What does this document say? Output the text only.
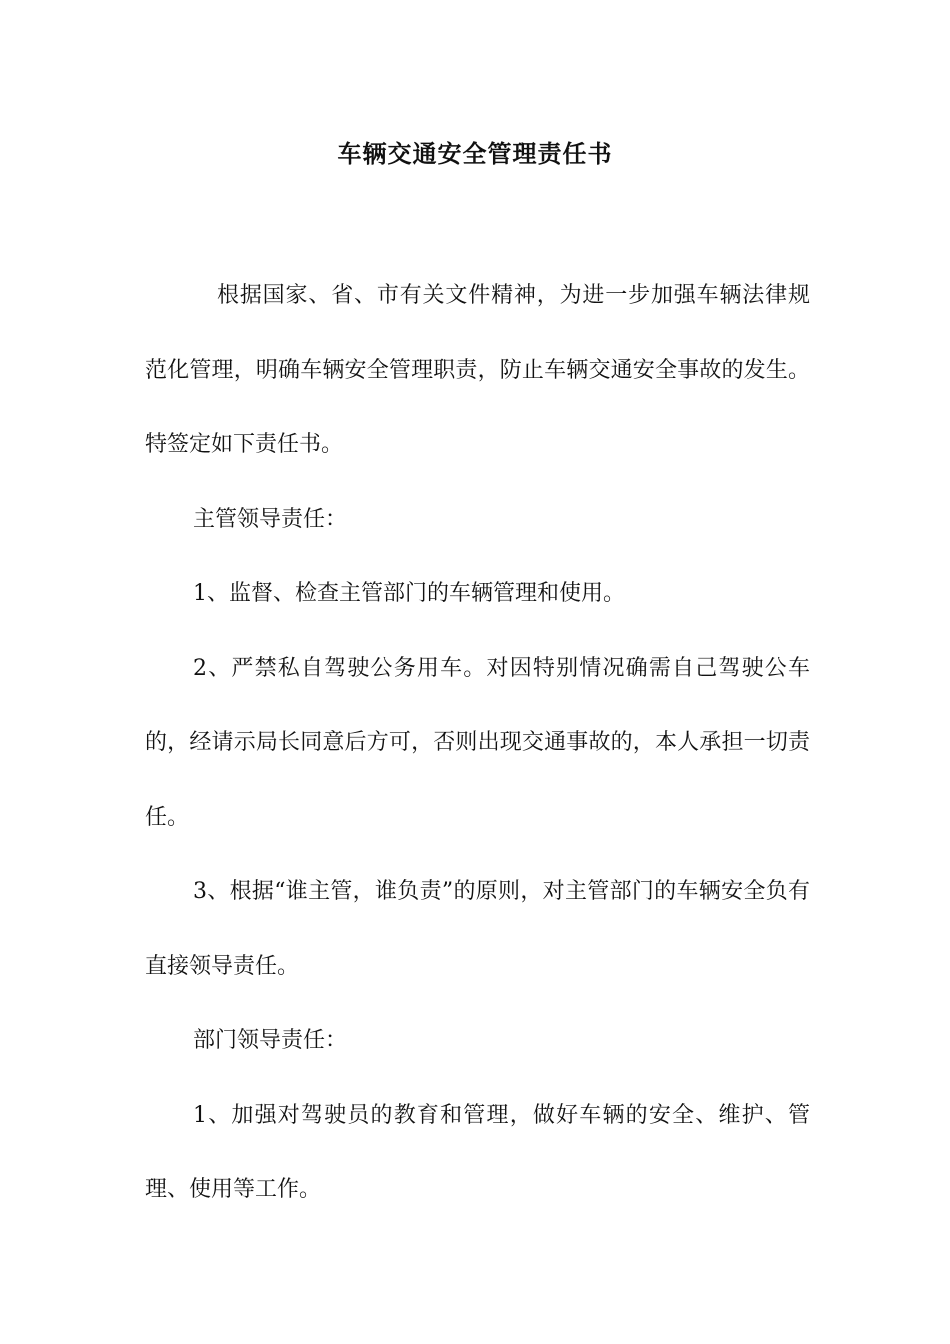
车辆交通安全管理责任书

根据国家、省、市有关文件精神，为进一步加强车辆法律规范化管理，明确车辆安全管理职责，防止车辆交通安全事故的发生。特签定如下责任书。

主管领导责任：

1、监督、检查主管部门的车辆管理和使用。

2、严禁私自驾驶公务用车。对因特别情况确需自己驾驶公车的，经请示局长同意后方可，否则出现交通事故的，本人承担一切责任。

3、根据“谁主管，谁负责”的原则，对主管部门的车辆安全负有直接领导责任。

部门领导责任：

1、加强对驾驶员的教育和管理，做好车辆的安全、维护、管理、使用等工作。
